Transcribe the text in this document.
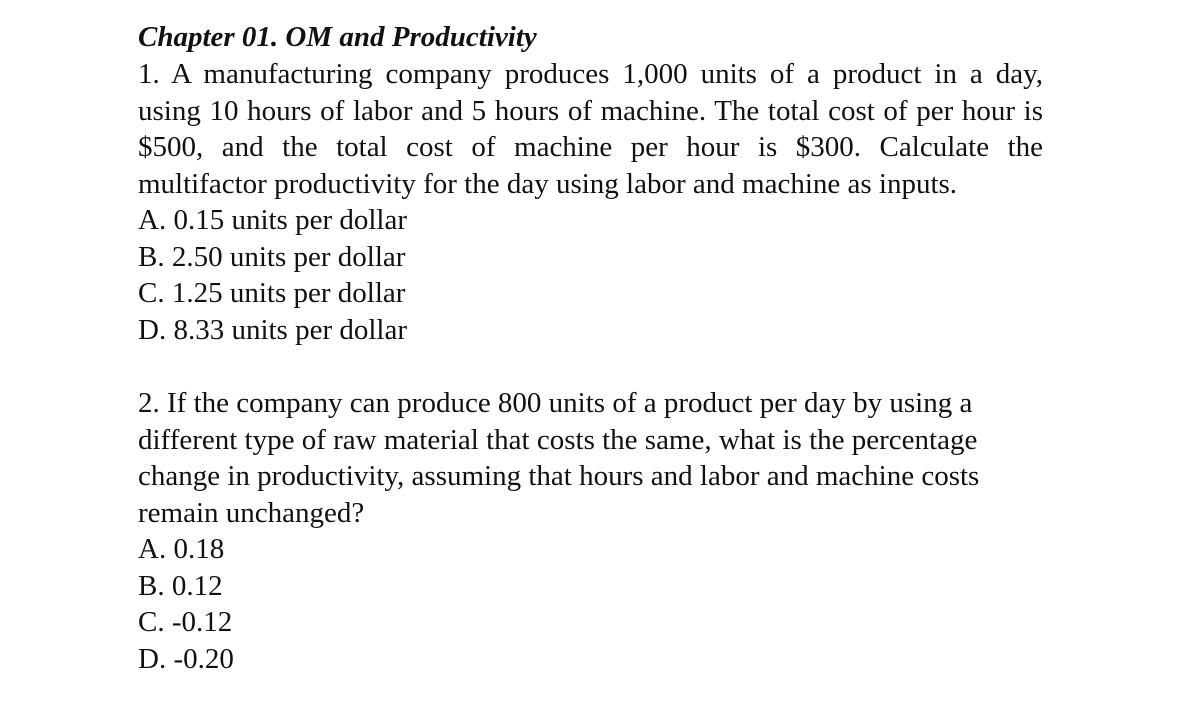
Chapter 01. OM and Productivity

1. A manufacturing company produces 1,000 units of a product in a day, using 10 hours of labor and 5 hours of machine. The total cost of per hour is $500, and the total cost of machine per hour is $300. Calculate the multifactor productivity for the day using labor and machine as inputs.

A. 0.15 units per dollar
B. 2.50 units per dollar
C. 1.25 units per dollar
D. 8.33 units per dollar

2. If the company can produce 800 units of a product per day by using a different type of raw material that costs the same, what is the percentage change in productivity, assuming that hours and labor and machine costs remain unchanged?

A. 0.18
B. 0.12
C. -0.12
D. -0.20
